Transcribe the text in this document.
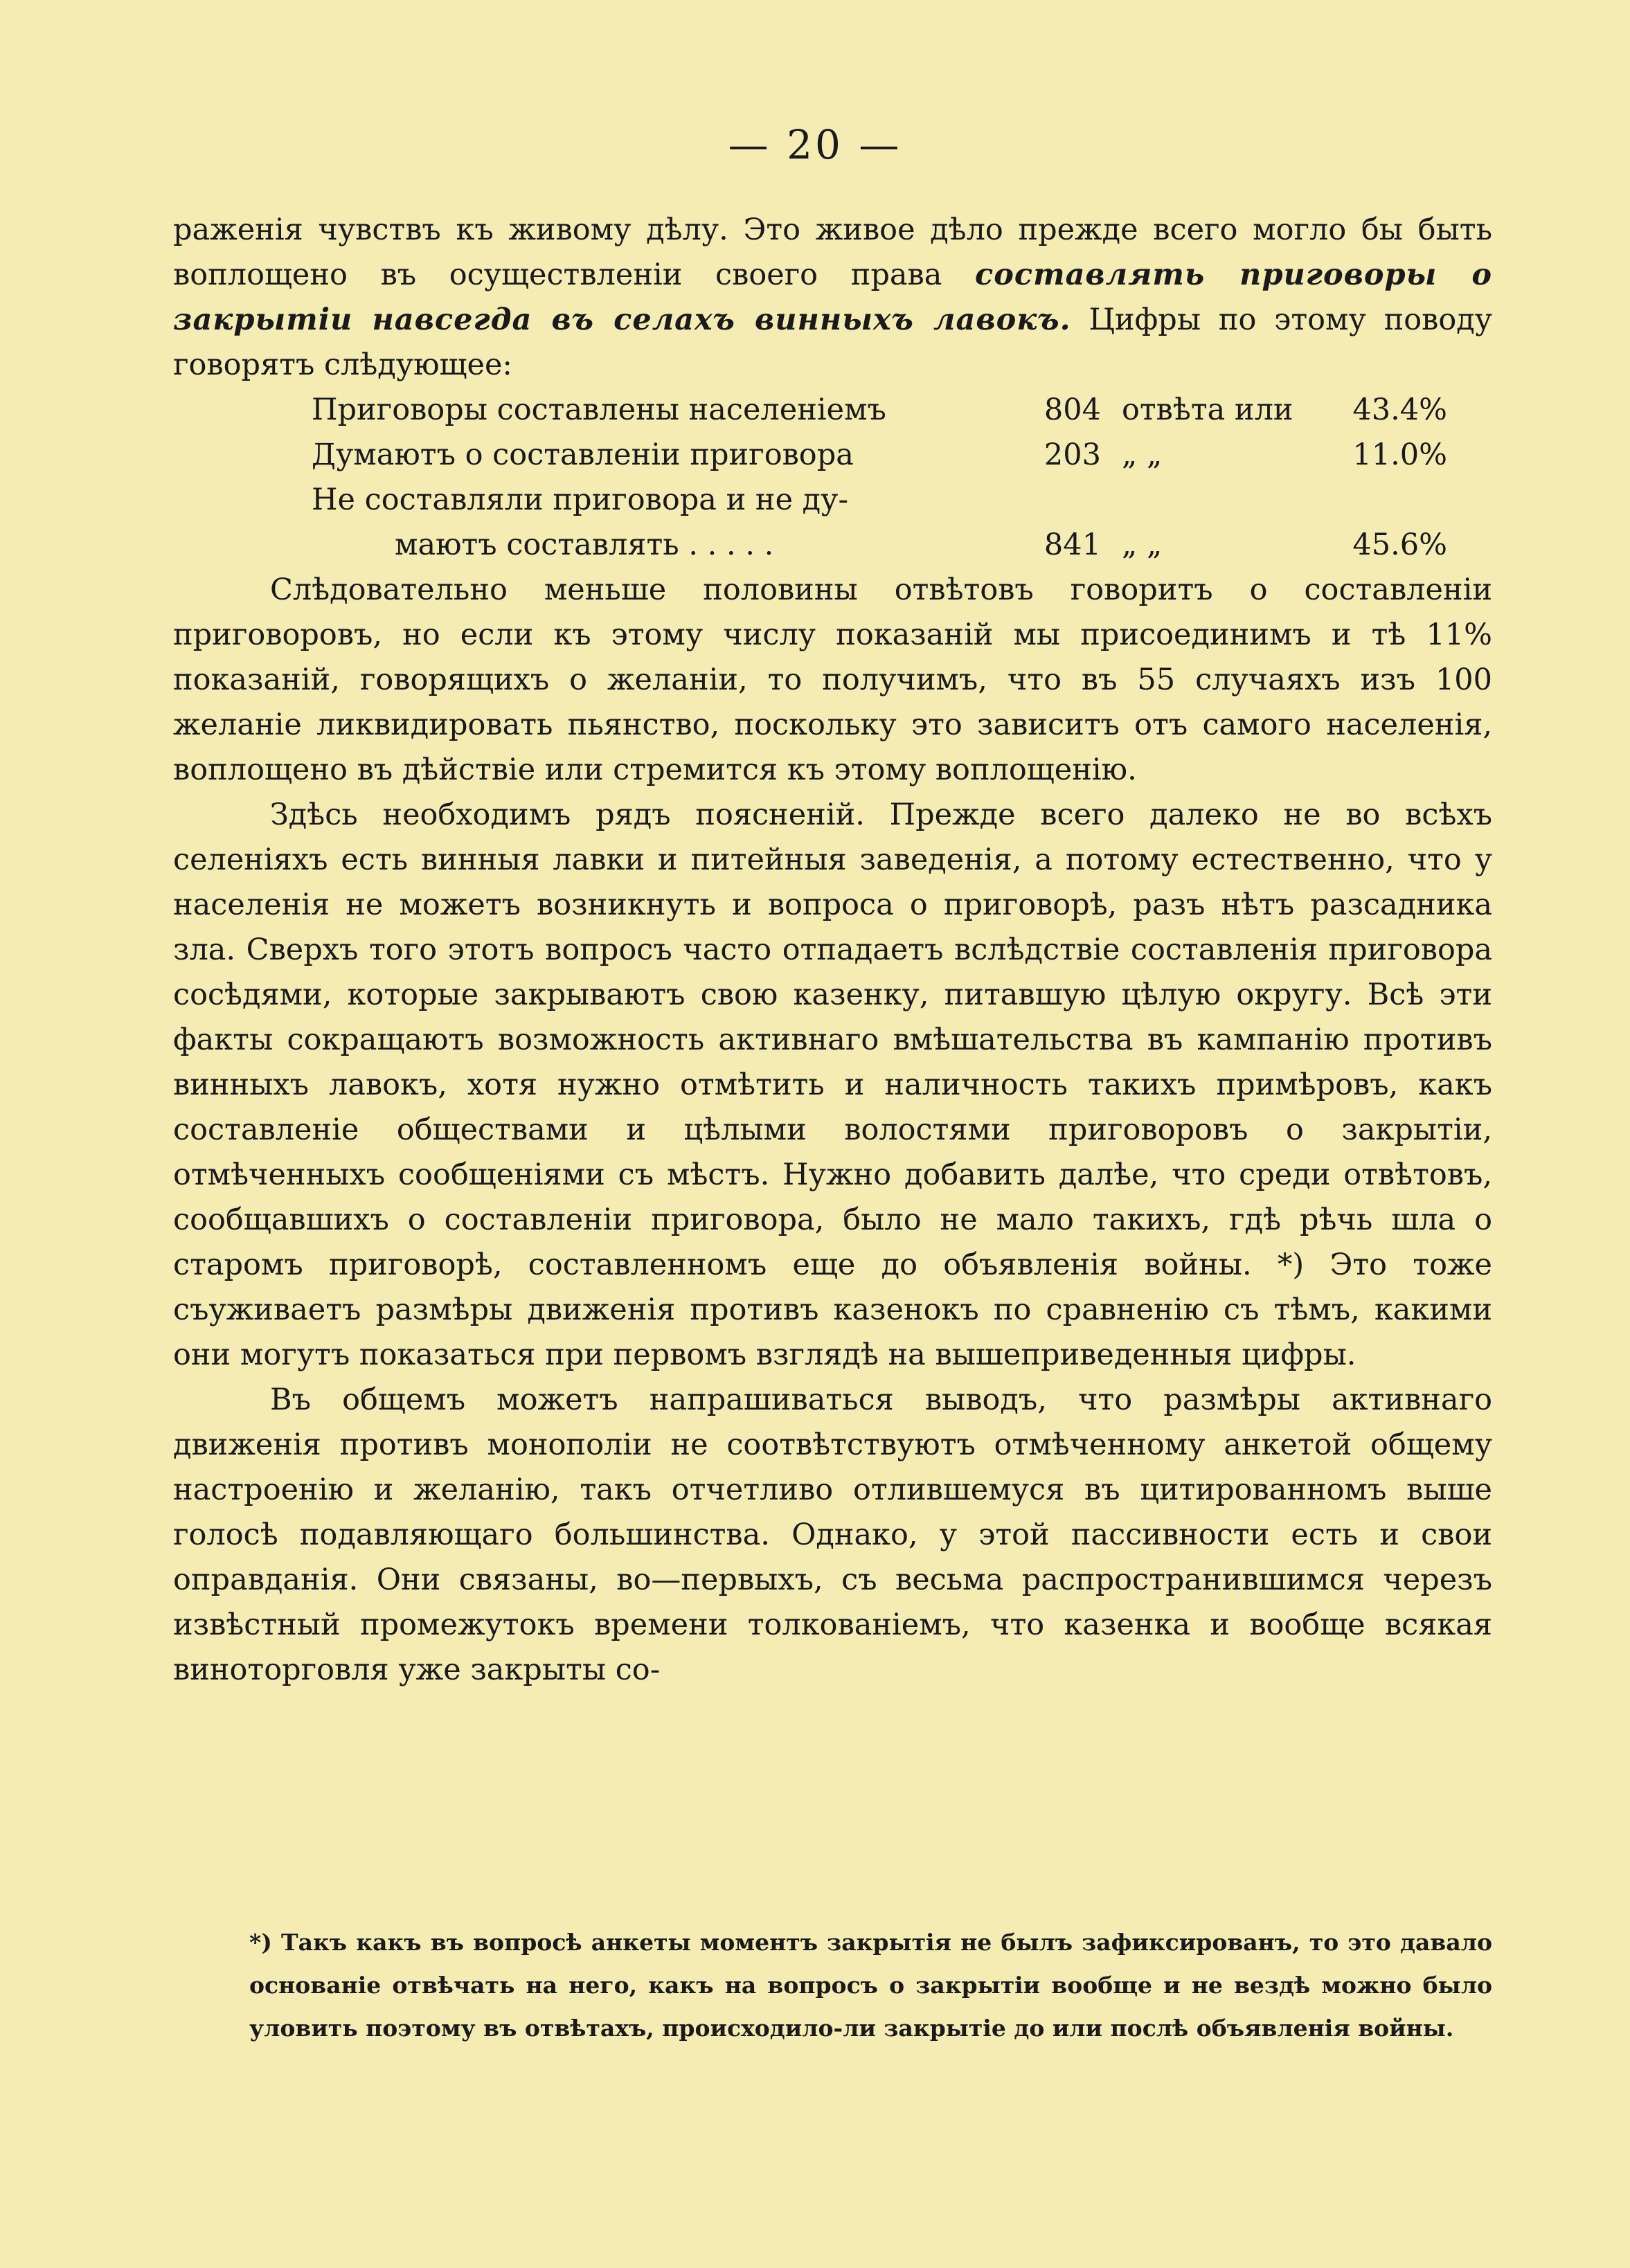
— 20 —

раженія чувствъ къ живому дѣлу. Это живое дѣло прежде всего могло бы быть воплощено въ осуществленіи своего права составлять приговоры о закрытіи навсегда въ селахъ винныхъ лавокъ. Цифры по этому поводу говорятъ слѣдующее:

Приговоры составлены населеніемъ	804 отвѣта или	43.4%
Думаютъ о составленіи приговора	203 „ „	11.0%
Не составляли приговора и не ду-
маютъ составлять . . . . .	841 „ „	45.6%

Слѣдовательно меньше половины отвѣтовъ говоритъ о составленіи приговоровъ, но если къ этому числу показаній мы присоединимъ и тѣ 11% показаній, говорящихъ о желаніи, то получимъ, что въ 55 случаяхъ изъ 100 желаніе ликвидировать пьянство, поскольку это зависитъ отъ самого населенія, воплощено въ дѣйствіе или стремится къ этому воплощенію.

Здѣсь необходимъ рядъ поясненій. Прежде всего далеко не во всѣхъ селеніяхъ есть винныя лавки и питейныя заведенія, а потому естественно, что у населенія не можетъ возникнуть и вопроса о приговорѣ, разъ нѣтъ разсадника зла. Сверхъ того этотъ вопросъ часто отпадаетъ вслѣдствіе составленія приговора сосѣдями, которые закрываютъ свою казенку, питавшую цѣлую округу. Всѣ эти факты сокращаютъ возможность активнаго вмѣшательства въ кампанію противъ винныхъ лавокъ, хотя нужно отмѣтить и наличность такихъ примѣровъ, какъ составленіе обществами и цѣлыми волостями приговоровъ о закрытіи, отмѣченныхъ сообщеніями съ мѣстъ. Нужно добавить далѣе, что среди отвѣтовъ, сообщавшихъ о составленіи приговора, было не мало такихъ, гдѣ рѣчь шла о старомъ приговорѣ, составленномъ еще до объявленія войны. *) Это тоже съуживаетъ размѣры движенія противъ казенокъ по сравненію съ тѣмъ, какими они могутъ показаться при первомъ взглядѣ на вышеприведенныя цифры.

Въ общемъ можетъ напрашиваться выводъ, что размѣры активнаго движенія противъ монополіи не соотвѣтствуютъ отмѣченному анкетой общему настроенію и желанію, такъ отчетливо отлившемуся въ цитированномъ выше голосѣ подавляющаго большинства. Однако, у этой пассивности есть и свои оправданія. Они связаны, во—первыхъ, съ весьма распространившимся черезъ извѣстный промежутокъ времени толкованіемъ, что казенка и вообще всякая виноторговля уже закрыты со-

*) Такъ какъ въ вопросѣ анкеты моментъ закрытія не былъ зафиксированъ, то это давало основаніе отвѣчать на него, какъ на вопросъ о закрытіи вообще и не вездѣ можно было уловить поэтому въ отвѣтахъ, происходило-ли закрытіе до или послѣ объявленія войны.
